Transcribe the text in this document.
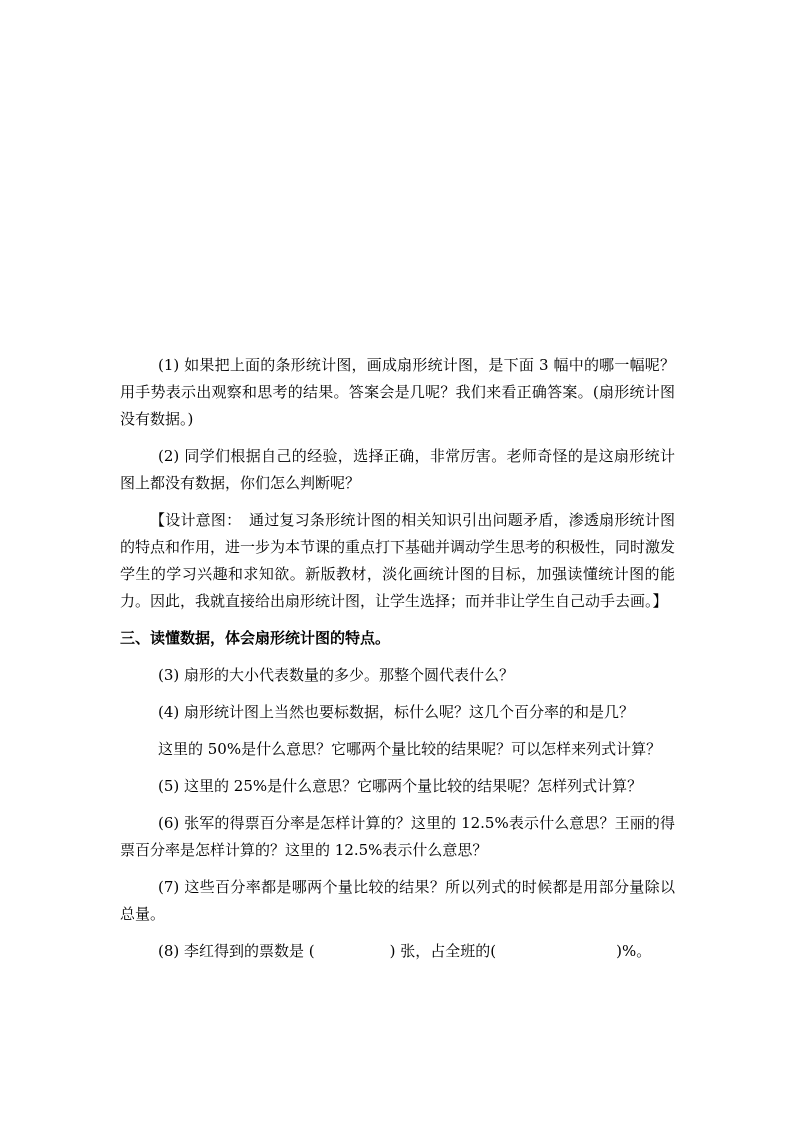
(1) 如果把上面的条形统计图，画成扇形统计图，是下面 3 幅中的哪一幅呢？用手势表示出观察和思考的结果。答案会是几呢？我们来看正确答案。(扇形统计图没有数据。)

(2) 同学们根据自己的经验，选择正确，非常厉害。老师奇怪的是这扇形统计图上都没有数据，你们怎么判断呢？

【设计意图：　通过复习条形统计图的相关知识引出问题矛盾，渗透扇形统计图的特点和作用，进一步为本节课的重点打下基础并调动学生思考的积极性，同时激发学生的学习兴趣和求知欲。新版教材，淡化画统计图的目标，加强读懂统计图的能力。因此，我就直接给出扇形统计图，让学生选择；而并非让学生自己动手去画。】

三、读懂数据，体会扇形统计图的特点。

(3) 扇形的大小代表数量的多少。那整个圆代表什么？

(4) 扇形统计图上当然也要标数据，标什么呢？这几个百分率的和是几？

这里的 50%是什么意思？它哪两个量比较的结果呢？可以怎样来列式计算？

(5) 这里的 25%是什么意思？它哪两个量比较的结果呢？怎样列式计算？

(6) 张军的得票百分率是怎样计算的？这里的 12.5%表示什么意思？王丽的得票百分率是怎样计算的？这里的 12.5%表示什么意思？

(7) 这些百分率都是哪两个量比较的结果？所以列式的时候都是用部分量除以总量。

(8) 李红得到的票数是 (　　　　　) 张，占全班的(　　　　　　　　)%。
